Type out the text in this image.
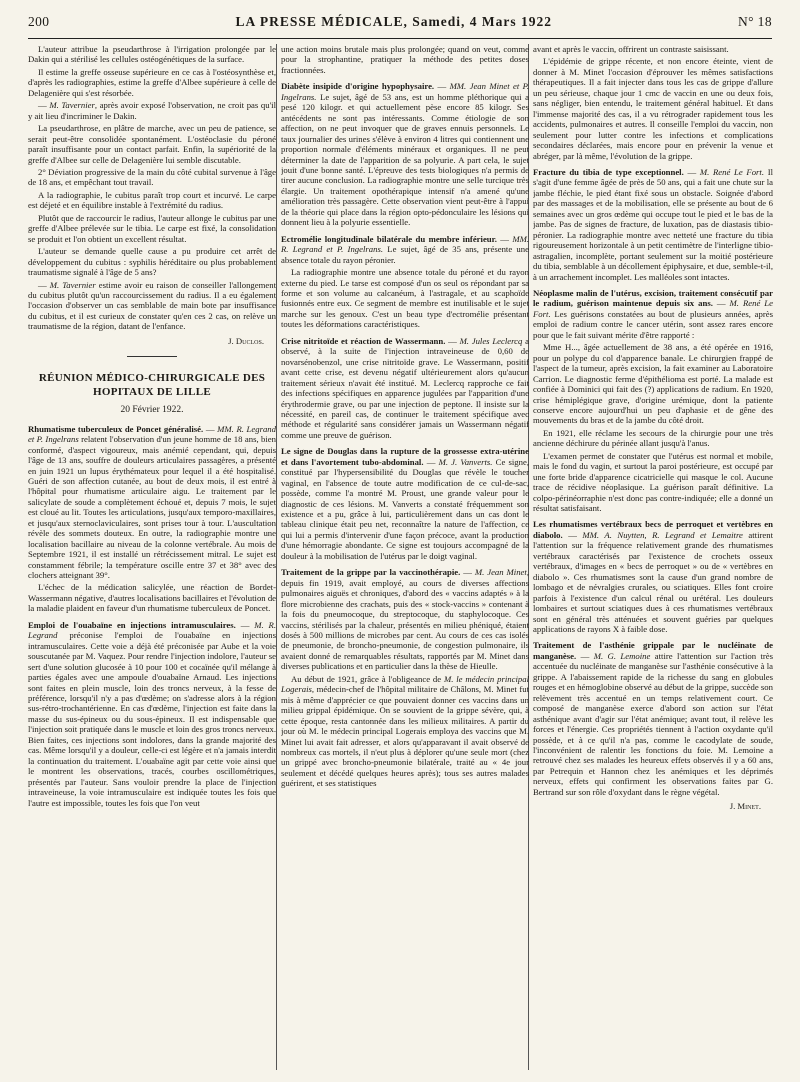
200	LA PRESSE MÉDICALE, Samedi, 4 Mars 1922	N° 18

L'auteur attribue la pseudarthrose à l'irrigation prolongée par le Dakin qui a stérilisé les cellules ostéogénétiques de la surface.

Il estime la greffe osseuse supérieure en ce cas à l'ostéosynthèse et, d'après les radiographies, estime la greffe d'Albee supérieure à celle de Delagenière qui s'est résorbée.

— M. Tavernier, après avoir exposé l'observation, ne croit pas qu'il y ait lieu d'incriminer le Dakin.

La pseudarthrose, en plâtre de marche, avec un peu de patience, se serait peut-être consolidée spontanément. L'ostéoclasie du péroné paraît insuffisante pour un contact parfait. Enfin, la supériorité de la greffe d'Albee sur celle de Delagenière lui semble discutable.

2° Déviation progressive de la main du côté cubital survenue à l'âge de 18 ans, et empêchant tout travail.

A la radiographie, le cubitus paraît trop court et incurvé. Le carpe est déjeté et en équilibre instable à l'extrémité du radius.

Plutôt que de raccourcir le radius, l'auteur allonge le cubitus par une greffe d'Albee prélevée sur le tibia. Le carpe est fixé, la consolidation se produit et l'on obtient un excellent résultat.

L'auteur se demande quelle cause a pu produire cet arrêt de développement du cubitus : syphilis héréditaire ou plus probablement traumatisme signalé à l'âge de 5 ans?

— M. Tavernier estime avoir eu raison de conseiller l'allongement du cubitus plutôt qu'un raccourcissement du radius. Il a eu également l'occasion d'observer un cas semblable de main bote par insuffisance du cubitus, et il est curieux de constater qu'en ces 2 cas, on relève un traumatisme de la région, datant de l'enfance.

J. Duclos.
RÉUNION MÉDICO-CHIRURGICALE DES HOPITAUX DE LILLE
20 Février 1922.

Rhumatisme tuberculeux de Poncet généralisé. — MM. R. Legrand et P. Ingelrans relatent l'observation d'un jeune homme de 18 ans, bien conformé, d'aspect vigoureux, mais anémié cependant, qui, depuis l'âge de 13 ans, souffre de douleurs articulaires passagères, a présenté en juin 1921 un lupus érythémateux pour lequel il a été hospitalisé. Guéri de son affection cutanée, au bout de deux mois, il est entré à l'hôpital pour rhumatisme articulaire aigu. Le traitement par le salicylate de soude a complètement échoué et, depuis 7 mois, le sujet est cloué au lit. Toutes les articulations, jusqu'aux temporo-maxillaires, et jusqu'aux sternoclaviculaires, sont prises tour à tour. L'auscultation révèle des sommets douteux. En outre, la radiographie montre une localisation bacillaire au niveau de la colonne vertébrale. Au mois de Septembre 1921, il est installé un rétrécissement mitral. Le sujet est constamment fébrile; la température oscille entre 37 et 38° avec des clochers atteignant 39°.

L'échec de la médication salicylée, une réaction de Bordet-Wassermann négative, d'autres localisations bacillaires et l'évolution de la maladie plaident en faveur d'un rhumatisme tuberculeux de Poncet.

Emploi de l'ouabaïne en injections intramusculaires. — M. R. Legrand préconise l'emploi de l'ouabaïne en injections intramusculaires. Cette voie a déjà été préconisée par Aube et la voie souscutanée par M. Vaquez. Pour rendre l'injection indolore, l'auteur se sert d'une solution glucosée à 10 pour 100 et cocaïnée qu'il mélange à parties égales avec une ampoule d'ouabaïne Arnaud. Les injections sont faites en plein muscle, loin des troncs nerveux, à la fesse de préférence, lorsqu'il n'y a pas d'œdème; on s'adresse alors à la région sus-rétro-trochantérienne. En cas d'œdème, l'injection est faite dans la masse du sus-épineux ou du sous-épineux. Il est indispensable que l'injection soit pratiquée dans le muscle et loin des gros troncs nerveux. Bien faites, ces injections sont indolores, dans la grande majorité des cas. Même lorsqu'il y a douleur, celle-ci est légère et n'a jamais interdit la continuation du traitement. L'ouabaïne agit par cette voie ainsi que le montrent les observations, tracés, courbes oscillométriques, présentés par l'auteur. Sans vouloir prendre la place de l'injection intraveineuse, la voie intramusculaire est indiquée toutes les fois que l'autre est impossible, toutes les fois que l'on veut

une action moins brutale mais plus prolongée; quand on veut, comme pour la strophantine, pratiquer la méthode des petites doses fractionnées.

Diabète insipide d'origine hypophysaire. — MM. Jean Minet et P. Ingelrans. Le sujet, âgé de 53 ans, est un homme pléthorique qui a pesé 120 kilogr. et qui actuellement pèse encore 85 kilogr. Ses antécédents ne sont pas intéressants. Comme étiologie de son affection, on ne peut invoquer que de graves ennuis personnels. Le taux journalier des urines s'élève à environ 4 litres qui contiennent une proportion normale d'éléments minéraux et organiques. Il ne peut déterminer la date de l'apparition de sa polyurie. A part cela, le sujet jouit d'une bonne santé. L'épreuve des tests biologiques n'a permis de tirer aucune conclusion. La radiographie montre une selle turcique très élargie. Un traitement opothérapique intensif n'a amené qu'une amélioration très passagère. Cette observation vient peut-être à l'appui de la théorie qui place dans la région opto-pédonculaire les lésions qui donnent lieu à la polyurie essentielle.

Ectromélie longitudinale bilatérale du membre inférieur. — MM. R. Legrand et P. Ingelrans. Le sujet, âgé de 35 ans, présente une absence totale du rayon péronier.

La radiographie montre une absence totale du péroné et du rayon externe du pied. Le tarse est composé d'un os seul os répondant par sa forme et son volume au calcanéum, à l'astragale, et au scaphoïde fusionnés entre eux. Ce segment de membre est inutilisable et le sujet marche sur les genoux. C'est un beau type d'ectromélie présentant toutes les déformations caractéristiques.

Crise nitritoïde et réaction de Wassermann. — M. Jules Leclercq a observé, à la suite de l'injection intraveineuse de 0,60 de novarsénobenzol, une crise nitritoïde grave. Le Wassermann, positif avant cette crise, est devenu négatif ultérieurement alors qu'aucun traitement sérieux n'avait été institué. M. Leclercq rapproche ce fait des infections spécifiques en apparence jugulées par l'apparition d'une érythrodermie grave, ou par une injection de peptone. Il insiste sur la nécessité, en pareil cas, de continuer le traitement spécifique avec méthode et régularité sans considérer jamais un Wassermann négatif comme une preuve de guérison.

Le signe de Douglas dans la rupture de la grossesse extra-utérine et dans l'avortement tubo-abdominal. — M. J. Vanverts. Ce signe, constitué par l'hypersensibilité du Douglas que révèle le toucher vaginal, en l'absence de toute autre modification de ce cul-de-sac, possède, comme l'a montré M. Proust, une grande valeur pour le diagnostic de ces lésions. M. Vanverts a constaté fréquemment son existence et a pu, grâce à lui, particulièrement dans un cas dont le tableau clinique était peu net, reconnaître la nature de l'affection, ce qui lui a permis d'intervenir d'une façon précoce, avant la production d'une hémorragie abondante. Ce signe est toujours accompagné de la douleur à la mobilisation de l'utérus par le doigt vaginal.

Traitement de la grippe par la vaccinothérapie. — M. Jean Minet, depuis fin 1919, avait employé, au cours de diverses affections pulmonaires aiguës et chroniques, d'abord des « vaccins adaptés » à la flore microbienne des crachats, puis des « stock-vaccins » contenant à la fois du pneumocoque, du streptocoque, du staphylocoque. Ces vaccins, stérilisés par la chaleur, présentés en milieu phéniqué, étaient dosés à 500 millions de microbes par cent. Au cours de ces cas isolés de pneumonie, de broncho-pneumonie, de congestion pulmonaire, ils avaient donné de remarquables résultats, rapportés par M. Minet dans diverses publications et en particulier dans la thèse de Hieulle.

Au début de 1921, grâce à l'obligeance de M. le médecin principal Logerais, médecin-chef de l'hôpital militaire de Châlons, M. Minet fut mis à même d'apprécier ce que pouvaient donner ces vaccins dans un milieu grippal épidémique. On se souvient de la grippe sévère, qui, à cette époque, resta cantonnée dans les milieux militaires. A partir du jour où M. le médecin principal Logerais employa des vaccins que M. Minet lui avait fait adresser, et alors qu'apparavant il avait observé de nombreux cas mortels, il n'eut plus à déplorer qu'une seule mort (chez un grippé avec broncho-pneumonie bilatérale, traité au « 4e jour seulement et décédé quelques heures après); tous ses autres malades guérirent, et ses statistiques

avant et après le vaccin, offrirent un contraste saisissant.

L'épidémie de grippe récente, et non encore éteinte, vient de donner à M. Minet l'occasion d'éprouver les mêmes satisfactions thérapeutiques. Il a fait injecter dans tous les cas de grippe d'allure un peu sérieuse, chaque jour 1 cmc de vaccin en une ou deux fois, sans négliger, bien entendu, le traitement général habituel. Et dans l'immense majorité des cas, il a vu rétrograder rapidement tous les accidents, pulmonaires et autres. Il conseille l'emploi du vaccin, non seulement pour lutter contre les infections et complications secondaires déclarées, mais encore pour en prévenir la venue et abréger, par là même, l'évolution de la grippe.

Fracture du tibia de type exceptionnel. — M. René Le Fort. Il s'agit d'une femme âgée de près de 50 ans, qui a fait une chute sur la jambe fléchie, le pied étant fixé sous un obstacle. Soignée d'abord par des massages et de la mobilisation, elle se présente au bout de 6 semaines avec un gros œdème qui occupe tout le pied et le bas de la jambe. Pas de signes de fracture, de luxation, pas de diastasis tibio-péronier. La radiographie montre avec netteté une fracture du tibia rigoureusement horizontale à un petit centimètre de l'interligne tibio-astragalien, incomplète, portant seulement sur la moitié postérieure du tibia, semblable à un décollement épiphysaire, et due, semble-t-il, à un arrachement incomplet. Les malléoles sont intactes.

Néoplasme malin de l'utérus, excision, traitement consécutif par le radium, guérison maintenue depuis six ans. — M. René Le Fort. Les guérisons constatées au bout de plusieurs années, après emploi de radium contre le cancer utérin, sont assez rares encore pour que le fait suivant mérite d'être rapporté :

Mme H..., âgée actuellement de 38 ans, a été opérée en 1916, pour un polype du col d'apparence banale. Le chirurgien frappé de l'aspect de la tumeur, après excision, la fait examiner au Laboratoire Carrion. Le diagnostic ferme d'épithélioma est porté. La malade est confiée à Dominici qui fait des (?) applications de radium. En 1920, crise hémiplégique grave, d'origine urémique, dont la patiente conserve encore aujourd'hui un peu d'aphasie et de gêne des mouvements du bras et de la jambe du côté droit.

En 1921, elle réclame les secours de la chirurgie pour une très ancienne déchirure du périnée allant jusqu'à l'anus.

L'examen permet de constater que l'utérus est normal et mobile, mais le fond du vagin, et surtout la paroi postérieure, est occupé par une forte bride d'apparence cicatricielle qui masque le col. Aucune trace de récidive néoplasique. La guérison paraît définitive. La colpo-périnéorraphie n'est donc pas contre-indiquée; elle a donné un résultat satisfaisant.

Les rhumatismes vertébraux becs de perroquet et vertèbres en diabolo. — MM. A. Nuytten, R. Legrand et Lemaitre attirent l'attention sur la fréquence relativement grande des rhumatismes vertébraux caractérisés par l'existence de crochets osseux vertébraux, d'images en « becs de perroquet » ou de « vertèbres en diabolo ». Ces rhumatismes sont la cause d'un grand nombre de lombago et de névralgies crurales, ou sciatiques. Elles font croire parfois à l'existence d'un calcul rénal ou urétéral. Les douleurs lombaires et surtout sciatiques dues à ces rhumatismes vertébraux sont en général très atténuées et souvent guéries par quelques applications de rayons X à faible dose.

Traitement de l'asthénie grippale par le nucléinate de manganèse. — M. G. Lemoine attire l'attention sur l'action très accentuée du nucléinate de manganèse sur l'asthénie consécutive à la grippe. A l'abaissement rapide de la richesse du sang en globules rouges et en hémoglobine observé au début de la grippe, succède son relèvement très accentué en un temps relativement court. Ce composé de manganèse exerce d'abord son action sur l'état asthénique avant d'agir sur l'état anémique; avant tout, il relève les forces et l'énergie. Ces propriétés tiennent à l'action oxydante qu'il possède, et à ce qu'il n'a pas, comme le cacodylate de soude, l'inconvénient de ralentir les fonctions du foie. M. Lemoine a retrouvé chez ses malades les heureux effets observés il y a 60 ans, par Petrequin et Hannon chez les anémiques et les déprimés nerveux, effets qui confirment les observations faites par G. Bertrand sur son rôle d'oxydant dans le règne végétal.

J. Minet.
